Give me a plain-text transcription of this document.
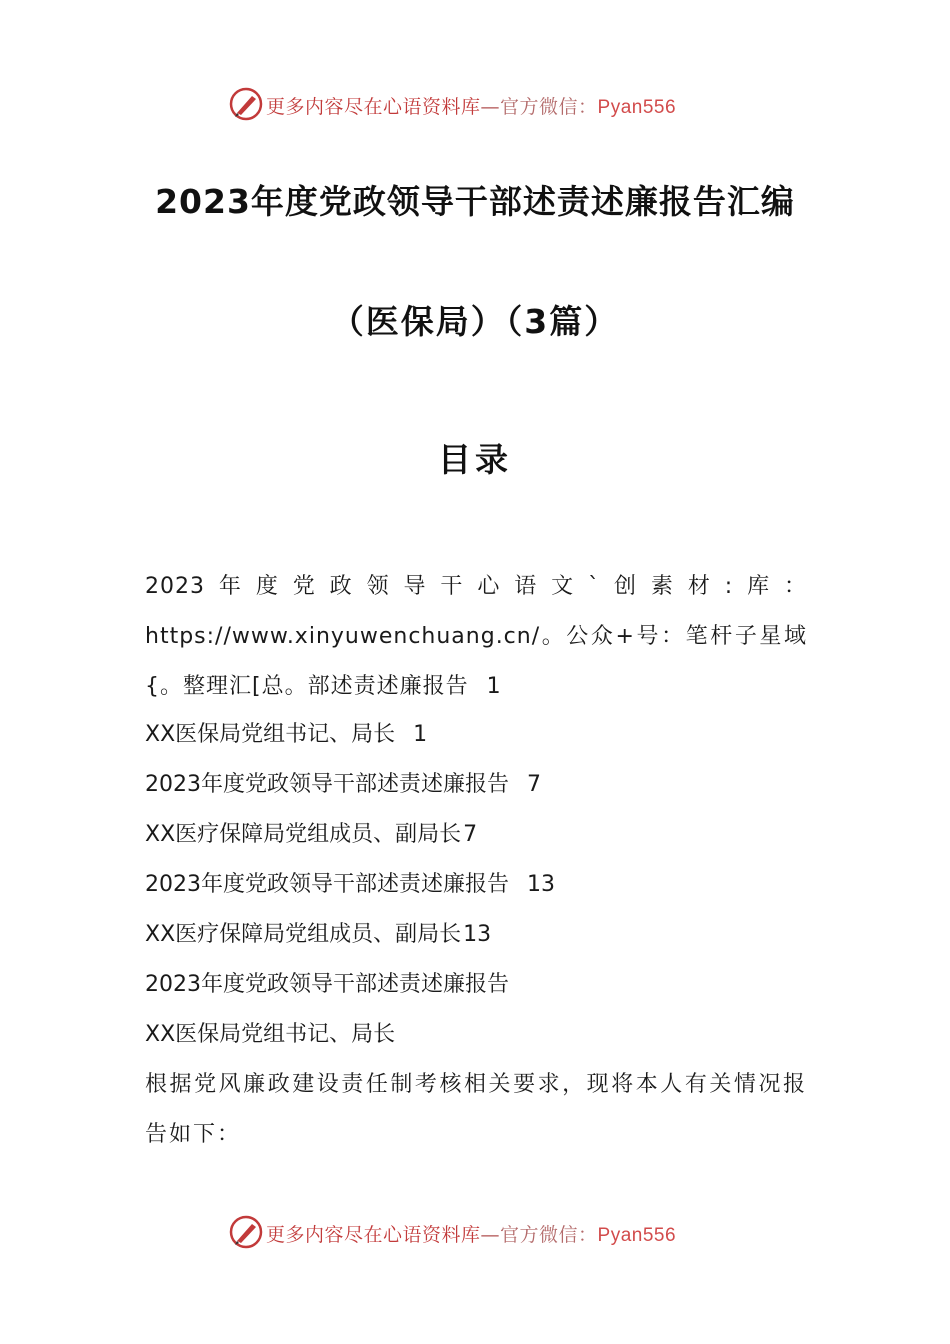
更多内容尽在心语资料库—官方微信：Pyan556
2023年度党政领导干部述责述廉报告汇编
（医保局）（3篇）
目录
2023年度党政领导干心语文`创素材:库：https://www.xinyuwenchuang.cn/。公众+号：笔杆子星域{。整理汇[总。部述责述廉报告 1
XX医保局党组书记、局长 1
2023年度党政领导干部述责述廉报告 7
XX医疗保障局党组成员、副局长7
2023年度党政领导干部述责述廉报告 13
XX医疗保障局党组成员、副局长13
2023年度党政领导干部述责述廉报告
XX医保局党组书记、局长
根据党风廉政建设责任制考核相关要求，现将本人有关情况报告如下：
更多内容尽在心语资料库—官方微信：Pyan556
